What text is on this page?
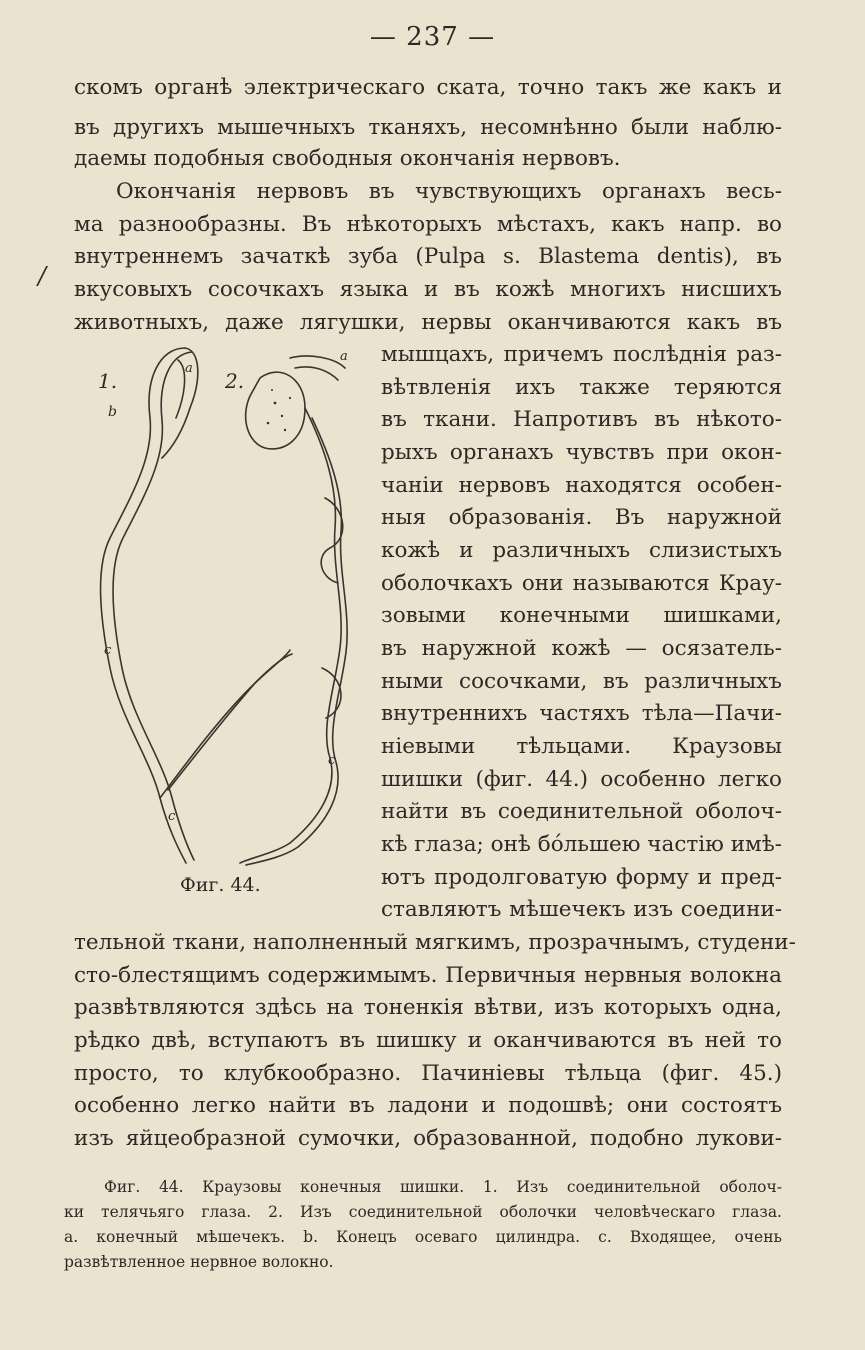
— 237 —
/
скомъ органѣ электрическаго ската, точно такъ же какъ и
въ другихъ мышечныхъ тканяхъ, несомнѣнно были наблю-
даемы подобныя свободныя окончанія нервовъ.
Окончанія нервовъ въ чувствующихъ органахъ весь-
ма разнообразны. Въ нѣкоторыхъ мѣстахъ, какъ напр. во
внутреннемъ зачаткѣ зуба (Pulpa s. Blastema dentis), въ
вкусовыхъ сосочкахъ языка и въ кожѣ многихъ нисшихъ
животныхъ, даже лягушки, нервы оканчиваются какъ въ
1.	2.
a
b
c
c
a
c
Фиг. 44.
мышцахъ, причемъ послѣднія раз-
вѣтвленія ихъ также теряются
въ ткани. Напротивъ въ нѣкото-
рыхъ органахъ чувствъ при окон-
чаніи нервовъ находятся особен-
ныя образованія. Въ наружной
кожѣ и различныхъ слизистыхъ
оболочкахъ они называются Крау-
зовыми конечными шишками,
въ наружной кожѣ — осязатель-
ными сосочками, въ различныхъ
внутреннихъ частяхъ тѣла—Пачи-
ніевыми тѣльцами. Краузовы
шишки (фиг. 44.) особенно легко
найти въ соединительной оболоч-
кѣ глаза; онѣ бо́льшею частію имѣ-
ютъ продолговатую форму и пред-
ставляютъ мѣшечекъ изъ соедини-
тельной ткани, наполненный мягкимъ, прозрачнымъ, студени-
сто-блестящимъ содержимымъ. Первичныя нервныя волокна
развѣтвляются здѣсь на тоненкія вѣтви, изъ которыхъ одна,
рѣдко двѣ, вступаютъ въ шишку и оканчиваются въ ней то
просто, то клубкообразно. Пачиніевы тѣльца (фиг. 45.)
особенно легко найти въ ладони и подошвѣ; они состоятъ
изъ яйцеобразной сумочки, образованной, подобно лукови-
Фиг. 44. Краузовы конечныя шишки. 1. Изъ соединительной оболоч-
ки телячьяго глаза. 2. Изъ соединительной оболочки человѣческаго глаза.
a. конечный мѣшечекъ. b. Конецъ осеваго цилиндра. c. Входящее, очень
развѣтвленное нервное волокно.
